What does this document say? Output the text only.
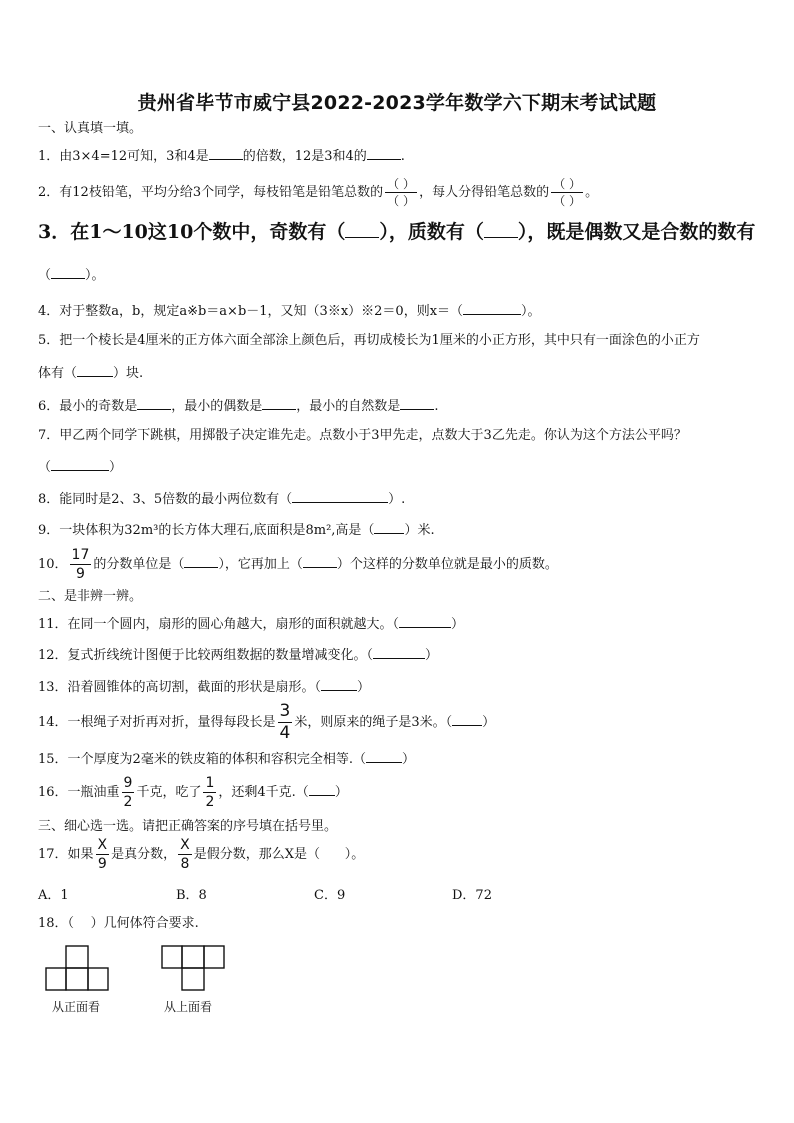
贵州省毕节市威宁县2022-2023学年数学六下期末考试试题
一、认真填一填。
1．由3×4=12可知，3和4是	的倍数，12是3和4的	.
2．有12枝铅笔，平均分给3个同学，每枝铅笔是铅笔总数的 $\frac{( )}{( )}$ ，每人分得铅笔总数的 $\frac{( )}{( )}$ 。
3．在1～10这10个数中，奇数有（ ），质数有（ ），既是偶数又是合数的数有
（	）。
4．对于整数a，b，规定a※b＝a×b－1，又知（3※x）※2＝0，则x＝（	）。
5．把一个棱长是4厘米的正方体六面全部涂上颜色后，再切成棱长为1厘米的小正方形，其中只有一面涂色的小正方
体有（	）块.
6．最小的奇数是	，最小的偶数是	，最小的自然数是	.
7．甲乙两个同学下跳棋，用掷骰子决定谁先走。点数小于3甲先走，点数大于3乙先走。你认为这个方法公平吗？
（	）
8．能同时是2、3、5倍数的最小两位数有（	）.
9．一块体积为32m³的长方体大理石,底面积是8m²,高是（ ）米.
10． $\frac{17}{9}$ 的分数单位是（	），它再加上（	）个这样的分数单位就是最小的质数。
二、是非辨一辨。
11．在同一个圆内，扇形的圆心角越大，扇形的面积就越大。（	）
12．复式折线统计图便于比较两组数据的数量增减变化。（	）
13．沿着圆锥体的高切割，截面的形状是扇形。（	）
14．一根绳子对折再对折，量得每段长是 $\frac{3}{4}$ 米，则原来的绳子是3米。（ ）
15．一个厚度为2毫米的铁皮箱的体积和容积完全相等.（	）
16．一瓶油重 $\frac{9}{2}$ 千克，吃了 $\frac{1}{2}$ ，还剩4千克.（ ）
三、细心选一选。请把正确答案的序号填在括号里。
17．如果 $\frac{X}{9}$ 是真分数， $\frac{X}{8}$ 是假分数，那么X是（      ）。
A．1	B．8	C．9	D．72
18．（    ）几何体符合要求.
从正面看	从上面看
